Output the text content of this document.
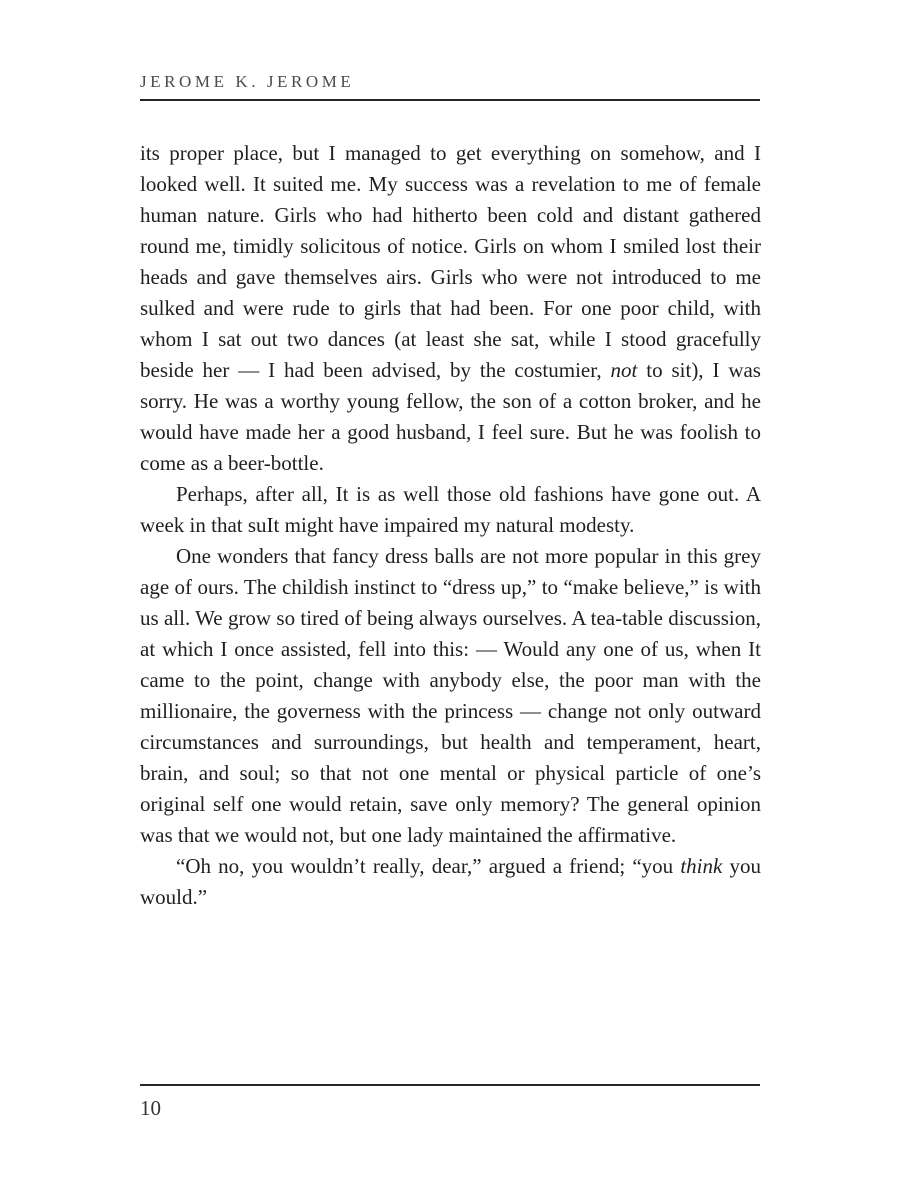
JEROME K. JEROME

its proper place, but I managed to get everything on somehow, and I looked well. It suited me. My success was a revelation to me of female human nature. Girls who had hitherto been cold and distant gathered round me, timidly solicitous of notice. Girls on whom I smiled lost their heads and gave themselves airs. Girls who were not introduced to me sulked and were rude to girls that had been. For one poor child, with whom I sat out two dances (at least she sat, while I stood gracefully beside her — I had been advised, by the costumier, not to sit), I was sorry. He was a worthy young fellow, the son of a cotton broker, and he would have made her a good husband, I feel sure. But he was foolish to come as a beer-bottle.

Perhaps, after all, It is as well those old fashions have gone out. A week in that suIt might have impaired my natural modesty.

One wonders that fancy dress balls are not more popular in this grey age of ours. The childish instinct to “dress up,” to “make believe,” is with us all. We grow so tired of being always ourselves. A tea-table discussion, at which I once assisted, fell into this: — Would any one of us, when It came to the point, change with anybody else, the poor man with the millionaire, the governess with the princess — change not only outward circumstances and surroundings, but health and temperament, heart, brain, and soul; so that not one mental or physical particle of one’s original self one would retain, save only memory? The general opinion was that we would not, but one lady maintained the affirmative.

“Oh no, you wouldn’t really, dear,” argued a friend; “you think you would.”

10
